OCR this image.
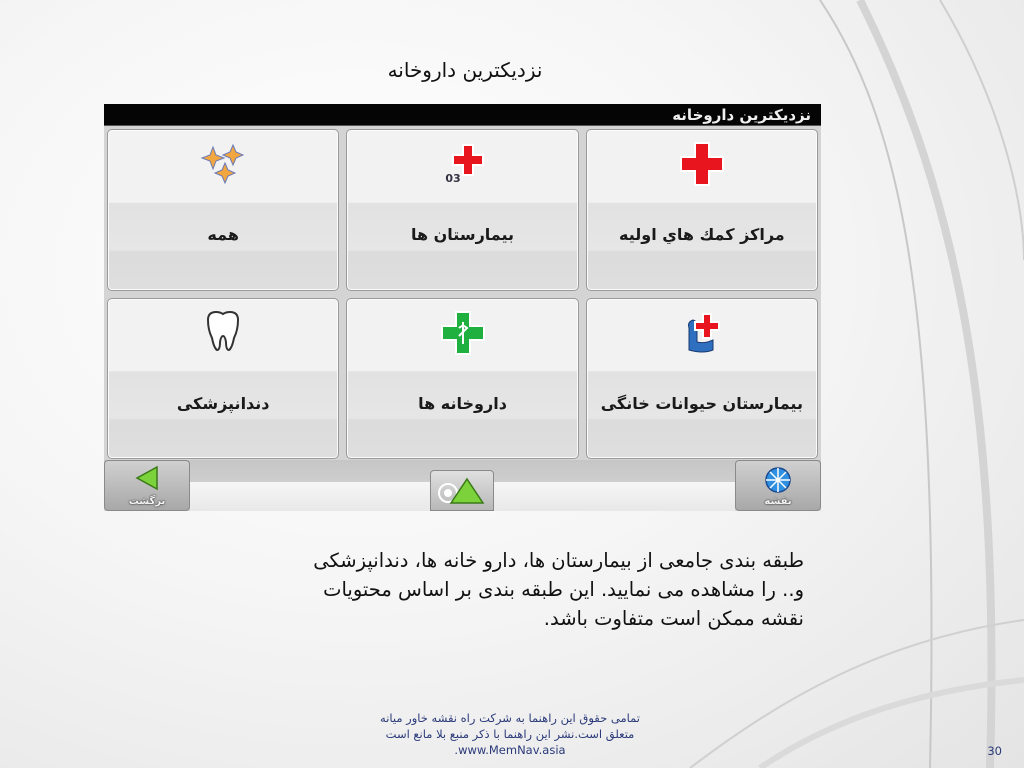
نزدیکترین داروخانه
نزدیکترین داروخانه
مراکز کمك هاي اوليه
بیمارستان ها
03
همه
بیمارستان حیوانات خانگی
داروخانه ها
دندانپزشکی
برگشت	نقشه
طبقه بندی جامعی از بیمارستان ها، دارو خانه ها، دندانپزشکی
و.. را مشاهده می نمایید. این طبقه بندی بر اساس محتویات
نقشه ممکن است متفاوت باشد.
تمامی حقوق این راهنما به شرکت راه نقشه خاور میانه
متعلق است.نشر این راهنما با ذکر منبع بلا مانع است
www.MemNav.asia.	30
